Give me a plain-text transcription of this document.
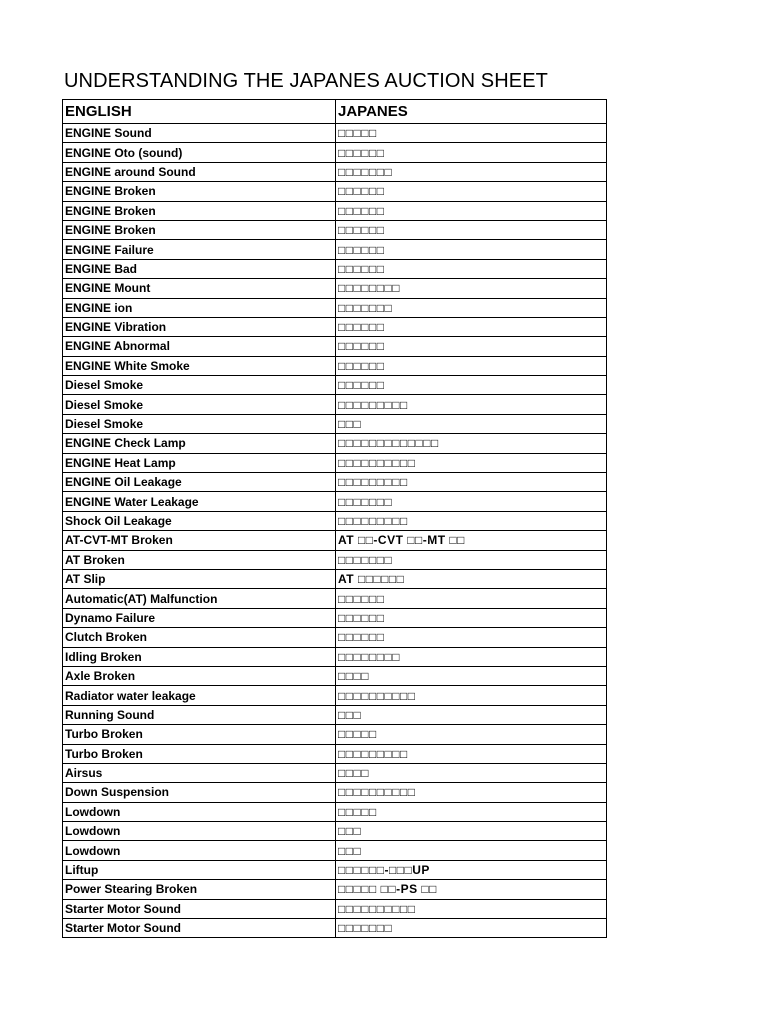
UNDERSTANDING THE JAPANES AUCTION SHEET
ENGLISH	JAPANES
ENGINE Sound	□□□□□
ENGINE Oto (sound)	□□□□□□
ENGINE around Sound	□□□□□□□
ENGINE Broken	□□□□□□
ENGINE Broken	□□□□□□
ENGINE Broken	□□□□□□
ENGINE Failure	□□□□□□
ENGINE Bad	□□□□□□
ENGINE Mount	□□□□□□□□
ENGINE ion	□□□□□□□
ENGINE Vibration	□□□□□□
ENGINE Abnormal	□□□□□□
ENGINE White Smoke	□□□□□□
Diesel Smoke	□□□□□□
Diesel Smoke	□□□□□□□□□
Diesel Smoke	□□□
ENGINE Check Lamp	□□□□□□□□□□□□□
ENGINE Heat Lamp	□□□□□□□□□□
ENGINE Oil Leakage	□□□□□□□□□
ENGINE Water Leakage	□□□□□□□
Shock Oil Leakage	□□□□□□□□□
AT-CVT-MT Broken	AT □□-CVT □□-MT □□
AT Broken	□□□□□□□
AT Slip	AT □□□□□□
Automatic(AT) Malfunction	□□□□□□
Dynamo Failure	□□□□□□
Clutch Broken	□□□□□□
Idling Broken	□□□□□□□□
Axle Broken	□□□□
Radiator water leakage	□□□□□□□□□□
Running Sound	□□□
Turbo Broken	□□□□□
Turbo Broken	□□□□□□□□□
Airsus	□□□□
Down Suspension	□□□□□□□□□□
Lowdown	□□□□□
Lowdown	□□□
Lowdown	□□□
Liftup	□□□□□□-□□□UP
Power Stearing Broken	□□□□□ □□-PS □□
Starter Motor Sound	□□□□□□□□□□
Starter Motor Sound	□□□□□□□
